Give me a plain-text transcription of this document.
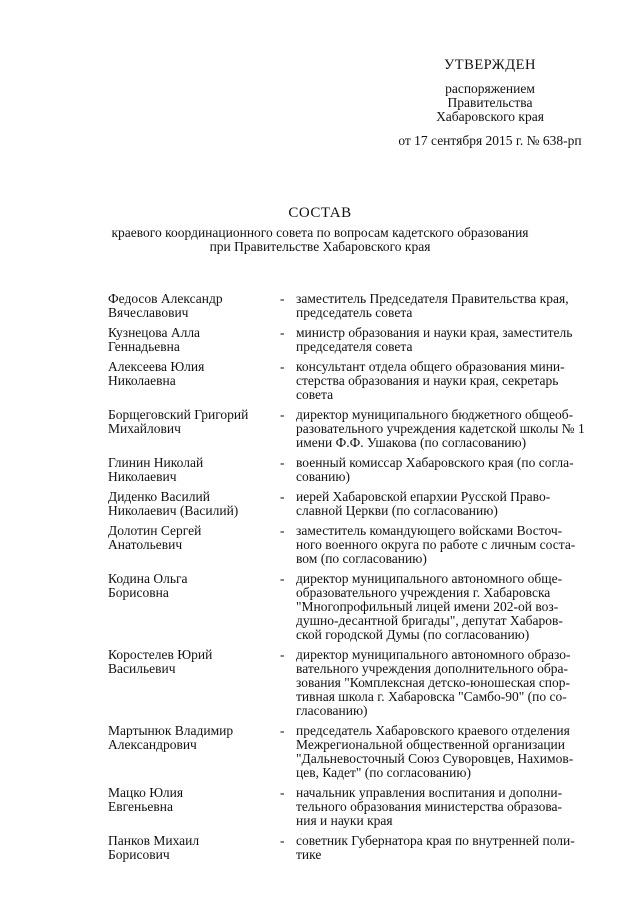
УТВЕРЖДЕН
распоряжением
Правительства
Хабаровского края
от 17 сентября 2015 г. № 638-рп
СОСТАВ
краевого координационного совета по вопросам кадетского образования
при Правительстве Хабаровского края
Федосов Александр
Вячеславович
- заместитель Председателя Правительства края,
председатель совета
Кузнецова Алла
Геннадьевна
- министр образования и науки края, заместитель
председателя совета
Алексеева Юлия
Николаевна
- консультант отдела общего образования мини-
стерства образования и науки края, секретарь
совета
Борщеговский Григорий
Михайлович
- директор муниципального бюджетного общеоб-
разовательного учреждения кадетской школы № 1
имени Ф.Ф. Ушакова (по согласованию)
Глинин Николай
Николаевич
- военный комиссар Хабаровского края (по согла-
сованию)
Диденко Василий
Николаевич (Василий)
- иерей Хабаровской епархии Русской Право-
славной Церкви (по согласованию)
Долотин Сергей
Анатольевич
- заместитель командующего войсками Восточ-
ного военного округа по работе с личным соста-
вом (по согласованию)
Кодина Ольга
Борисовна
- директор муниципального автономного обще-
образовательного учреждения г. Хабаровска
"Многопрофильный лицей имени 202-ой воз-
душно-десантной бригады", депутат Хабаров-
ской городской Думы (по согласованию)
Коростелев Юрий
Васильевич
- директор муниципального автономного образо-
вательного учреждения дополнительного обра-
зования "Комплексная детско-юношеская спор-
тивная школа г. Хабаровска "Самбо-90" (по со-
гласованию)
Мартынюк Владимир
Александрович
- председатель Хабаровского краевого отделения
Межрегиональной общественной организации
"Дальневосточный Союз Суворовцев, Нахимов-
цев, Кадет" (по согласованию)
Мацко Юлия
Евгеньевна
- начальник управления воспитания и дополни-
тельного образования министерства образова-
ния и науки края
Панков Михаил
Борисович
- советник Губернатора края по внутренней поли-
тике
